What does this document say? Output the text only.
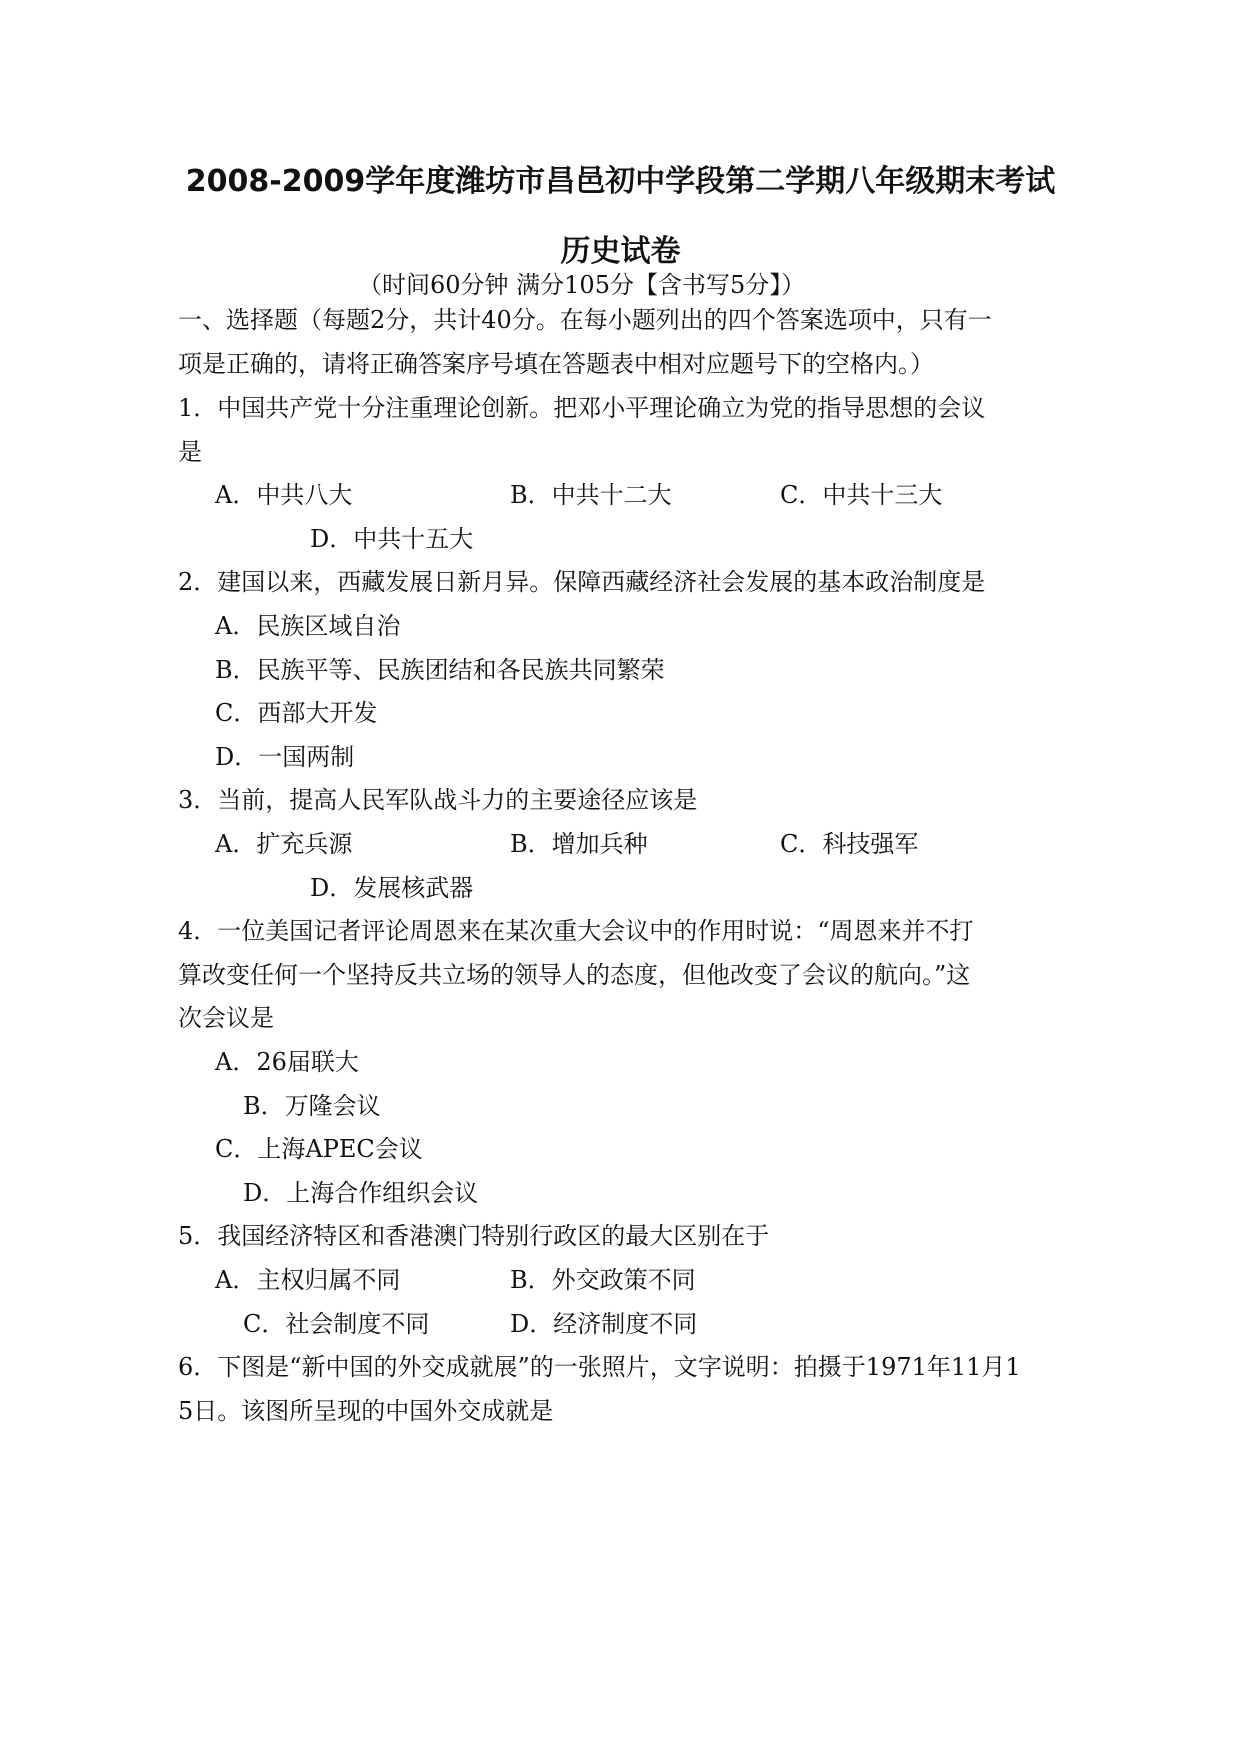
2008-2009学年度潍坊市昌邑初中学段第二学期八年级期末考试
历史试卷
（时间60分钟 满分105分【含书写5分】）
一、选择题（每题2分，共计40分。在每小题列出的四个答案选项中，只有一
项是正确的，请将正确答案序号填在答题表中相对应题号下的空格内。）
1．中国共产党十分注重理论创新。把邓小平理论确立为党的指导思想的会议
是
A．中共八大	B．中共十二大	C．中共十三大
D．中共十五大
2．建国以来，西藏发展日新月异。保障西藏经济社会发展的基本政治制度是
A．民族区域自治
B．民族平等、民族团结和各民族共同繁荣
C．西部大开发
D．一国两制
3．当前，提高人民军队战斗力的主要途径应该是
A．扩充兵源	B．增加兵种	C．科技强军
D．发展核武器
4．一位美国记者评论周恩来在某次重大会议中的作用时说：“周恩来并不打
算改变任何一个坚持反共立场的领导人的态度，但他改变了会议的航向。”这
次会议是
A．26届联大
B．万隆会议
C．上海APEC会议
D．上海合作组织会议
5．我国经济特区和香港澳门特别行政区的最大区别在于
A．主权归属不同	B．外交政策不同
C．社会制度不同	D．经济制度不同
6．下图是“新中国的外交成就展”的一张照片，文字说明：拍摄于1971年11月1
5日。该图所呈现的中国外交成就是
